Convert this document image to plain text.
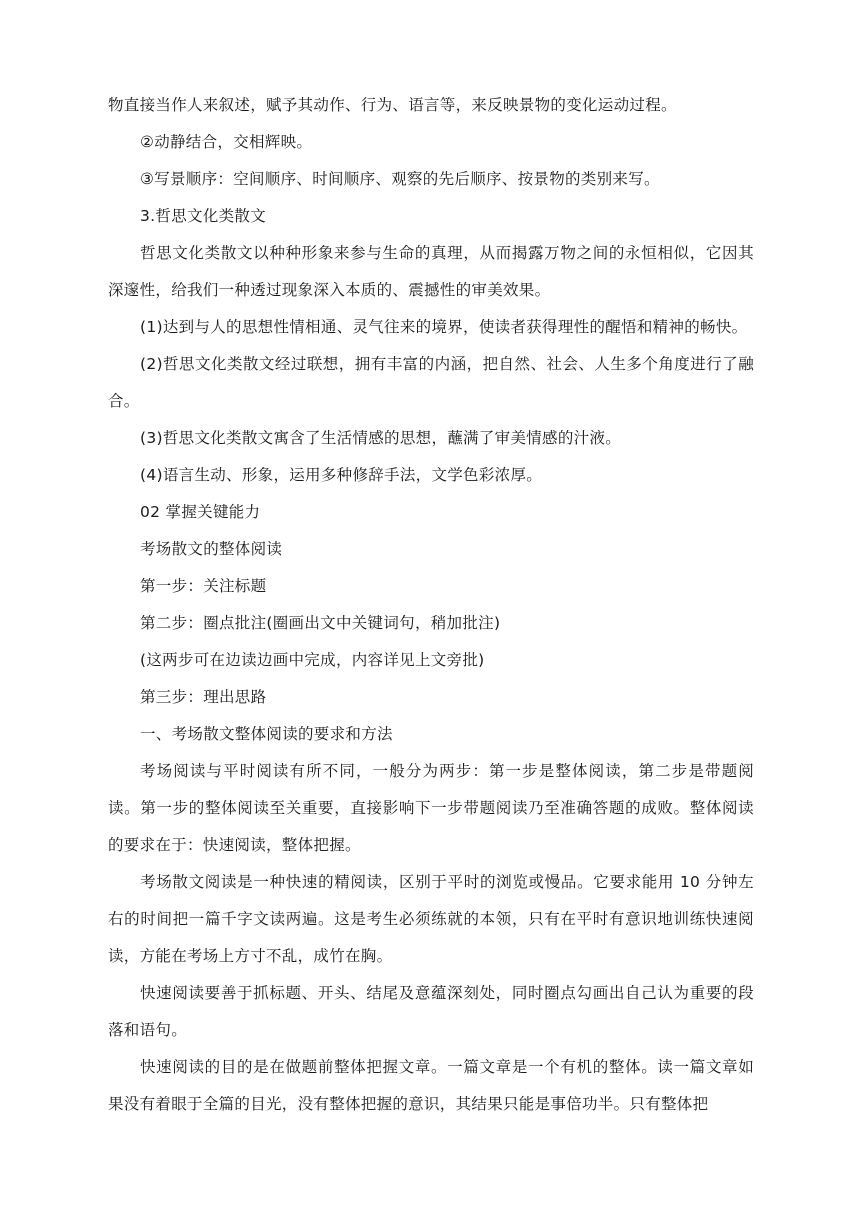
物直接当作人来叙述，赋予其动作、行为、语言等，来反映景物的变化运动过程。

②动静结合，交相辉映。

③写景顺序：空间顺序、时间顺序、观察的先后顺序、按景物的类别来写。

3.哲思文化类散文

哲思文化类散文以种种形象来参与生命的真理，从而揭露万物之间的永恒相似，它因其深邃性，给我们一种透过现象深入本质的、震撼性的审美效果。

(1)达到与人的思想性情相通、灵气往来的境界，使读者获得理性的醒悟和精神的畅快。

(2)哲思文化类散文经过联想，拥有丰富的内涵，把自然、社会、人生多个角度进行了融合。

(3)哲思文化类散文寓含了生活情感的思想，蘸满了审美情感的汁液。

(4)语言生动、形象，运用多种修辞手法，文学色彩浓厚。

02 掌握关键能力

考场散文的整体阅读

第一步：关注标题

第二步：圈点批注(圈画出文中关键词句，稍加批注)

(这两步可在边读边画中完成，内容详见上文旁批)

第三步：理出思路

一、考场散文整体阅读的要求和方法

考场阅读与平时阅读有所不同，一般分为两步：第一步是整体阅读，第二步是带题阅读。第一步的整体阅读至关重要，直接影响下一步带题阅读乃至准确答题的成败。整体阅读的要求在于：快速阅读，整体把握。

考场散文阅读是一种快速的精阅读，区别于平时的浏览或慢品。它要求能用 10 分钟左右的时间把一篇千字文读两遍。这是考生必须练就的本领，只有在平时有意识地训练快速阅读，方能在考场上方寸不乱，成竹在胸。

快速阅读要善于抓标题、开头、结尾及意蕴深刻处，同时圈点勾画出自己认为重要的段落和语句。

快速阅读的目的是在做题前整体把握文章。一篇文章是一个有机的整体。读一篇文章如果没有着眼于全篇的目光，没有整体把握的意识，其结果只能是事倍功半。只有整体把
